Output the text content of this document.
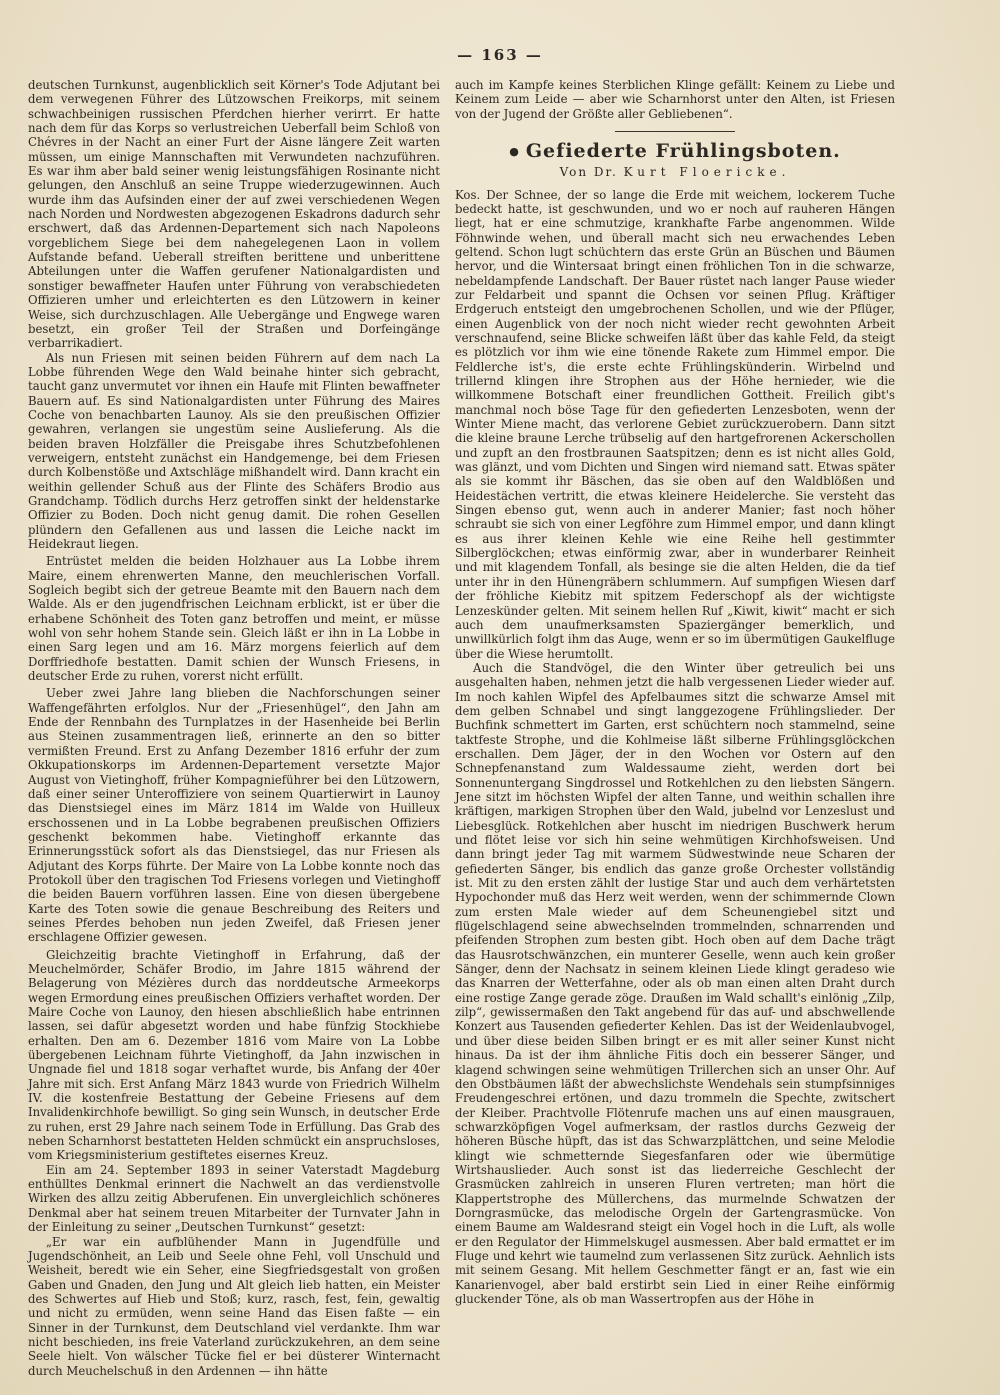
— 163 —

deutschen Turnkunst, augenblicklich seit Körner's Tode Adjutant bei dem verwegenen Führer des Lützowschen Freikorps, mit seinem schwachbeinigen russischen Pferdchen hierher verirrt. Er hatte nach dem für das Korps so verlustreichen Ueberfall beim Schloß von Chévres in der Nacht an einer Furt der Aisne längere Zeit warten müssen, um einige Mannschaften mit Verwundeten nachzuführen. Es war ihm aber bald seiner wenig leistungsfähigen Rosinante nicht gelungen, den Anschluß an seine Truppe wiederzugewinnen. Auch wurde ihm das Aufsinden einer der auf zwei verschiedenen Wegen nach Norden und Nordwesten abgezogenen Eskadrons dadurch sehr erschwert, daß das Ardennen-Departement sich nach Napoleons vorgeblichem Siege bei dem nahegelegenen Laon in vollem Aufstande befand. Ueberall streiften berittene und unberittene Abteilungen unter die Waffen gerufener Nationalgardisten und sonstiger bewaffneter Haufen unter Führung von verabschiedeten Offizieren umher und erleichterten es den Lützowern in keiner Weise, sich durchzuschlagen. Alle Uebergänge und Engwege waren besetzt, ein großer Teil der Straßen und Dorfeingänge verbarrikadiert.

Als nun Friesen mit seinen beiden Führern auf dem nach La Lobbe führenden Wege den Wald beinahe hinter sich gebracht, taucht ganz unvermutet vor ihnen ein Haufe mit Flinten bewaffneter Bauern auf. Es sind Nationalgardisten unter Führung des Maires Coche von benachbarten Launoy. Als sie den preußischen Offizier gewahren, verlangen sie ungestüm seine Auslieferung. Als die beiden braven Holzfäller die Preisgabe ihres Schutzbefohlenen verweigern, entsteht zunächst ein Handgemenge, bei dem Friesen durch Kolbenstöße und Axtschläge mißhandelt wird. Dann kracht ein weithin gellender Schuß aus der Flinte des Schäfers Brodio aus Grandchamp. Tödlich durchs Herz getroffen sinkt der heldenstarke Offizier zu Boden. Doch nicht genug damit. Die rohen Gesellen plündern den Gefallenen aus und lassen die Leiche nackt im Heidekraut liegen.

Entrüstet melden die beiden Holzhauer aus La Lobbe ihrem Maire, einem ehrenwerten Manne, den meuchlerischen Vorfall. Sogleich begibt sich der getreue Beamte mit den Bauern nach dem Walde. Als er den jugendfrischen Leichnam erblickt, ist er über die erhabene Schönheit des Toten ganz betroffen und meint, er müsse wohl von sehr hohem Stande sein. Gleich läßt er ihn in La Lobbe in einen Sarg legen und am 16. März morgens feierlich auf dem Dorffriedhofe bestatten. Damit schien der Wunsch Friesens, in deutscher Erde zu ruhen, vorerst nicht erfüllt.

Ueber zwei Jahre lang blieben die Nachforschungen seiner Waffengefährten erfolglos. Nur der „Friesenhügel“, den Jahn am Ende der Rennbahn des Turnplatzes in der Hasenheide bei Berlin aus Steinen zusammentragen ließ, erinnerte an den so bitter vermißten Freund. Erst zu Anfang Dezember 1816 erfuhr der zum Okkupationskorps im Ardennen-Departement versetzte Major August von Vietinghoff, früher Kompagnieführer bei den Lützowern, daß einer seiner Unteroffiziere von seinem Quartierwirt in Launoy das Dienstsiegel eines im März 1814 im Walde von Huilleux erschossenen und in La Lobbe begrabenen preußischen Offiziers geschenkt bekommen habe. Vietinghoff erkannte das Erinnerungsstück sofort als das Dienstsiegel, das nur Friesen als Adjutant des Korps führte. Der Maire von La Lobbe konnte noch das Protokoll über den tragischen Tod Friesens vorlegen und Vietinghoff die beiden Bauern vorführen lassen. Eine von diesen übergebene Karte des Toten sowie die genaue Beschreibung des Reiters und seines Pferdes behoben nun jeden Zweifel, daß Friesen jener erschlagene Offizier gewesen.

Gleichzeitig brachte Vietinghoff in Erfahrung, daß der Meuchelmörder, Schäfer Brodio, im Jahre 1815 während der Belagerung von Mézières durch das norddeutsche Armeekorps wegen Ermordung eines preußischen Offiziers verhaftet worden. Der Maire Coche von Launoy, den hiesen abschließlich habe entrinnen lassen, sei dafür abgesetzt worden und habe fünfzig Stockhiebe erhalten. Den am 6. Dezember 1816 vom Maire von La Lobbe übergebenen Leichnam führte Vietinghoff, da Jahn inzwischen in Ungnade fiel und 1818 sogar verhaftet wurde, bis Anfang der 40er Jahre mit sich. Erst Anfang März 1843 wurde von Friedrich Wilhelm IV. die kostenfreie Bestattung der Gebeine Friesens auf dem Invalidenkirchhofe bewilligt. So ging sein Wunsch, in deutscher Erde zu ruhen, erst 29 Jahre nach seinem Tode in Erfüllung. Das Grab des neben Scharnhorst bestatteten Helden schmückt ein anspruchsloses, vom Kriegsministerium gestiftetes eisernes Kreuz.

Ein am 24. September 1893 in seiner Vaterstadt Magdeburg enthülltes Denkmal erinnert die Nachwelt an das verdienstvolle Wirken des allzu zeitig Abberufenen. Ein unvergleichlich schöneres Denkmal aber hat seinem treuen Mitarbeiter der Turnvater Jahn in der Einleitung zu seiner „Deutschen Turnkunst“ gesetzt:

„Er war ein aufblühender Mann in Jugendfülle und Jugendschönheit, an Leib und Seele ohne Fehl, voll Unschuld und Weisheit, beredt wie ein Seher, eine Siegfriedsgestalt von großen Gaben und Gnaden, den Jung und Alt gleich lieb hatten, ein Meister des Schwertes auf Hieb und Stoß; kurz, rasch, fest, fein, gewaltig und nicht zu ermüden, wenn seine Hand das Eisen faßte — ein Sinner in der Turnkunst, dem Deutschland viel verdankte. Ihm war nicht beschieden, ins freie Vaterland zurückzukehren, an dem seine Seele hielt. Von wälscher Tücke fiel er bei düsterer Winternacht durch Meuchelschuß in den Ardennen — ihn hätte

auch im Kampfe keines Sterblichen Klinge gefällt: Keinem zu Liebe und Keinem zum Leide — aber wie Scharnhorst unter den Alten, ist Friesen von der Jugend der Größte aller Gebliebenen“.

● Gefiederte Frühlingsboten.
Von Dr. Kurt Floericke.

Kos. Der Schnee, der so lange die Erde mit weichem, lockerem Tuche bedeckt hatte, ist geschwunden, und wo er noch auf rauheren Hängen liegt, hat er eine schmutzige, krankhafte Farbe angenommen. Wilde Föhnwinde wehen, und überall macht sich neu erwachendes Leben geltend. Schon lugt schüchtern das erste Grün an Büschen und Bäumen hervor, und die Wintersaat bringt einen fröhlichen Ton in die schwarze, nebeldampfende Landschaft. Der Bauer rüstet nach langer Pause wieder zur Feldarbeit und spannt die Ochsen vor seinen Pflug. Kräftiger Erdgeruch entsteigt den umgebrochenen Schollen, und wie der Pflüger, einen Augenblick von der noch nicht wieder recht gewohnten Arbeit verschnaufend, seine Blicke schweifen läßt über das kahle Feld, da steigt es plötzlich vor ihm wie eine tönende Rakete zum Himmel empor. Die Feldlerche ist's, die erste echte Frühlingskünderin. Wirbelnd und trillernd klingen ihre Strophen aus der Höhe hernieder, wie die willkommene Botschaft einer freundlichen Gottheit. Freilich gibt's manchmal noch böse Tage für den gefiederten Lenzesboten, wenn der Winter Miene macht, das verlorene Gebiet zurückzuerobern. Dann sitzt die kleine braune Lerche trübselig auf den hartgefrorenen Ackerschollen und zupft an den frostbraunen Saatspitzen; denn es ist nicht alles Gold, was glänzt, und vom Dichten und Singen wird niemand satt. Etwas später als sie kommt ihr Bäschen, das sie oben auf den Waldblößen und Heidestächen vertritt, die etwas kleinere Heidelerche. Sie versteht das Singen ebenso gut, wenn auch in anderer Manier; fast noch höher schraubt sie sich von einer Legföhre zum Himmel empor, und dann klingt es aus ihrer kleinen Kehle wie eine Reihe hell gestimmter Silberglöckchen; etwas einförmig zwar, aber in wunderbarer Reinheit und mit klagendem Tonfall, als besinge sie die alten Helden, die da tief unter ihr in den Hünengräbern schlummern. Auf sumpfigen Wiesen darf der fröhliche Kiebitz mit spitzem Federschopf als der wichtigste Lenzeskünder gelten. Mit seinem hellen Ruf „Kiwit, kiwit“ macht er sich auch dem unaufmerksamsten Spaziergänger bemerklich, und unwillkürlich folgt ihm das Auge, wenn er so im übermütigen Gaukelfluge über die Wiese herumtollt.

Auch die Standvögel, die den Winter über getreulich bei uns ausgehalten haben, nehmen jetzt die halb vergessenen Lieder wieder auf. Im noch kahlen Wipfel des Apfelbaumes sitzt die schwarze Amsel mit dem gelben Schnabel und singt langgezogene Frühlingslieder. Der Buchfink schmettert im Garten, erst schüchtern noch stammelnd, seine taktfeste Strophe, und die Kohlmeise läßt silberne Frühlingsglöckchen erschallen. Dem Jäger, der in den Wochen vor Ostern auf den Schnepfenanstand zum Waldessaume zieht, werden dort bei Sonnenuntergang Singdrossel und Rotkehlchen zu den liebsten Sängern. Jene sitzt im höchsten Wipfel der alten Tanne, und weithin schallen ihre kräftigen, markigen Strophen über den Wald, jubelnd vor Lenzeslust und Liebesglück. Rotkehlchen aber huscht im niedrigen Buschwerk herum und flötet leise vor sich hin seine wehmütigen Kirchhofsweisen. Und dann bringt jeder Tag mit warmem Südwestwinde neue Scharen der gefiederten Sänger, bis endlich das ganze große Orchester vollständig ist. Mit zu den ersten zählt der lustige Star und auch dem verhärtetsten Hypochonder muß das Herz weit werden, wenn der schimmernde Clown zum ersten Male wieder auf dem Scheunengiebel sitzt und flügelschlagend seine abwechselnden trommelnden, schnarrenden und pfeifenden Strophen zum besten gibt. Hoch oben auf dem Dache trägt das Hausrotschwänzchen, ein munterer Geselle, wenn auch kein großer Sänger, denn der Nachsatz in seinem kleinen Liede klingt geradeso wie das Knarren der Wetterfahne, oder als ob man einen alten Draht durch eine rostige Zange gerade zöge. Draußen im Wald schallt's einlönig „Zilp, zilp“, gewissermaßen den Takt angebend für das auf- und abschwellende Konzert aus Tausenden gefiederter Kehlen. Das ist der Weidenlaubvogel, und über diese beiden Silben bringt er es mit aller seiner Kunst nicht hinaus. Da ist der ihm ähnliche Fitis doch ein besserer Sänger, und klagend schwingen seine wehmütigen Trillerchen sich an unser Ohr. Auf den Obstbäumen läßt der abwechslichste Wendehals sein stumpfsinniges Freudengeschrei ertönen, und dazu trommeln die Spechte, zwitschert der Kleiber. Prachtvolle Flötenrufe machen uns auf einen mausgrauen, schwarzköpfigen Vogel aufmerksam, der rastlos durchs Gezweig der höheren Büsche hüpft, das ist das Schwarzplättchen, und seine Melodie klingt wie schmetternde Siegesfanfaren oder wie übermütige Wirtshauslieder. Auch sonst ist das liederreiche Geschlecht der Grasmücken zahlreich in unseren Fluren vertreten; man hört die Klappertstrophe des Müllerchens, das murmelnde Schwatzen der Dorngrasmücke, das melodische Orgeln der Gartengrasmücke. Von einem Baume am Waldesrand steigt ein Vogel hoch in die Luft, als wolle er den Regulator der Himmelskugel ausmessen. Aber bald ermattet er im Fluge und kehrt wie taumelnd zum verlassenen Sitz zurück. Aehnlich ists mit seinem Gesang. Mit hellem Geschmetter fängt er an, fast wie ein Kanarienvogel, aber bald erstirbt sein Lied in einer Reihe einförmig gluckender Töne, als ob man Wassertropfen aus der Höhe in
